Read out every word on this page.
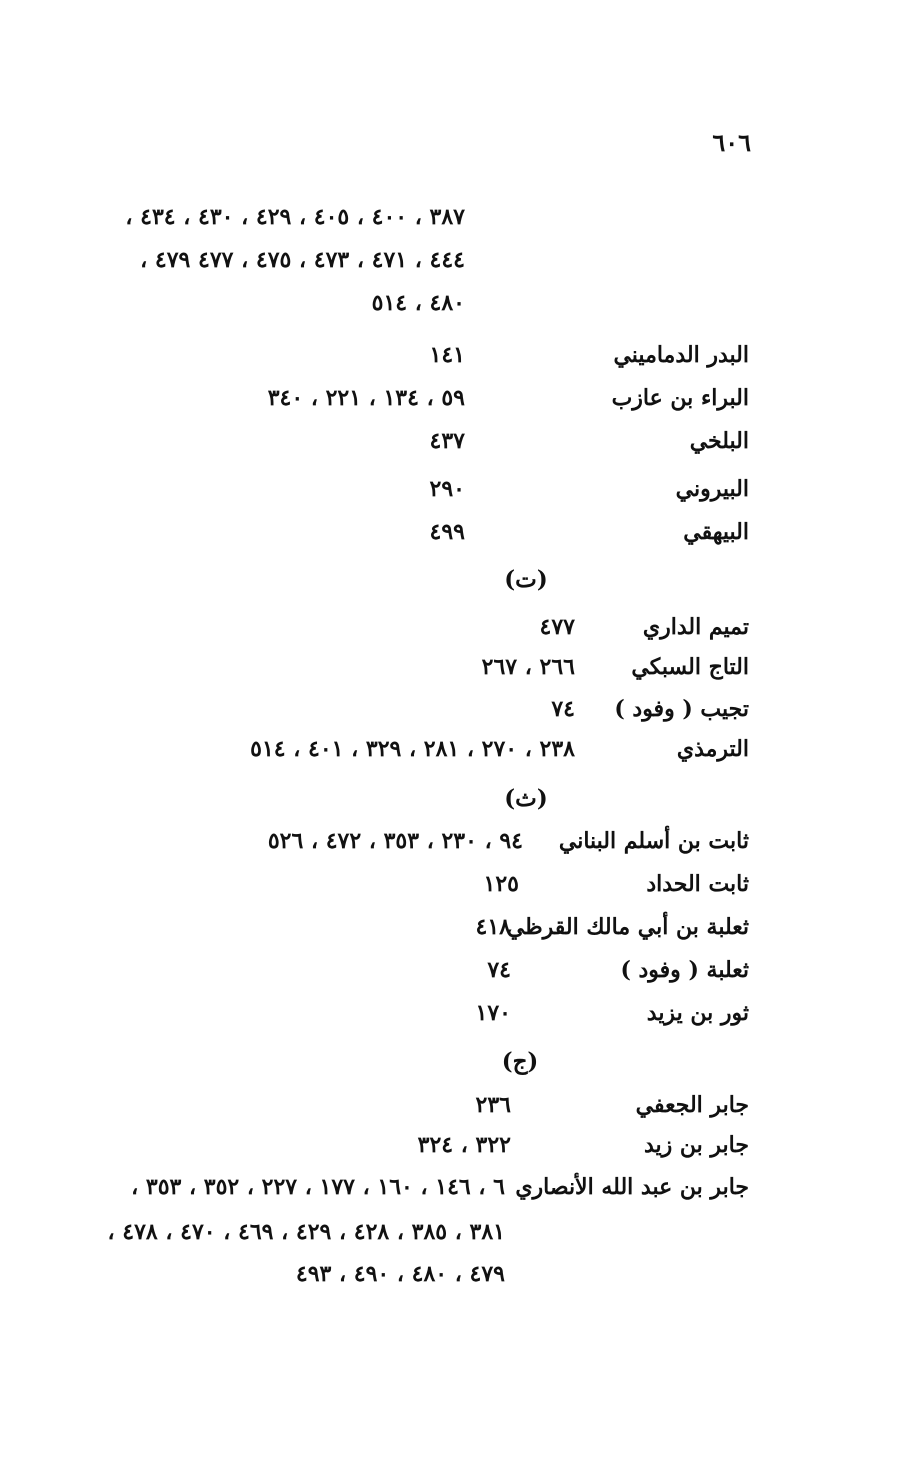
٦٠٦
٣٨٧ ، ٤٠٠ ، ٤٠٥ ، ٤٢٩ ، ٤٣٠ ، ٤٣٤ ،
٤٤٤ ، ٤٧١ ، ٤٧٣ ، ٤٧٥ ، ٤٧٧ ٤٧٩ ،
٤٨٠ ، ٥١٤
البدر الدماميني
١٤١
البراء بن عازب
٥٩ ، ١٣٤ ، ٢٢١ ، ٣٤٠
البلخي
٤٣٧
البيروني
٢٩٠
البيهقي
٤٩٩
(ت)
تميم الداري
٤٧٧
التاج السبكي
٢٦٦ ، ٢٦٧
تجيب ( وفود )
٧٤
الترمذي
٢٣٨ ، ٢٧٠ ، ٢٨١ ، ٣٢٩ ، ٤٠١ ، ٥١٤
(ث)
ثابت بن أسلم البناني
٩٤ ، ٢٣٠ ، ٣٥٣ ، ٤٧٢ ، ٥٢٦
ثابت الحداد
١٢٥
ثعلبة بن أبي مالك القرظي
٤١٨
ثعلبة ( وفود )
٧٤
ثور بن يزيد
١٧٠
(ج)
جابر الجعفي
٢٣٦
جابر بن زيد
٣٢٢ ، ٣٢٤
جابر بن عبد الله الأنصاري
٦ ، ١٤٦ ، ١٦٠ ، ١٧٧ ، ٢٢٧ ، ٣٥٢ ، ٣٥٣ ،
٣٨١ ، ٣٨٥ ، ٤٢٨ ، ٤٢٩ ، ٤٦٩ ، ٤٧٠ ، ٤٧٨ ،
٤٧٩ ، ٤٨٠ ، ٤٩٠ ، ٤٩٣
